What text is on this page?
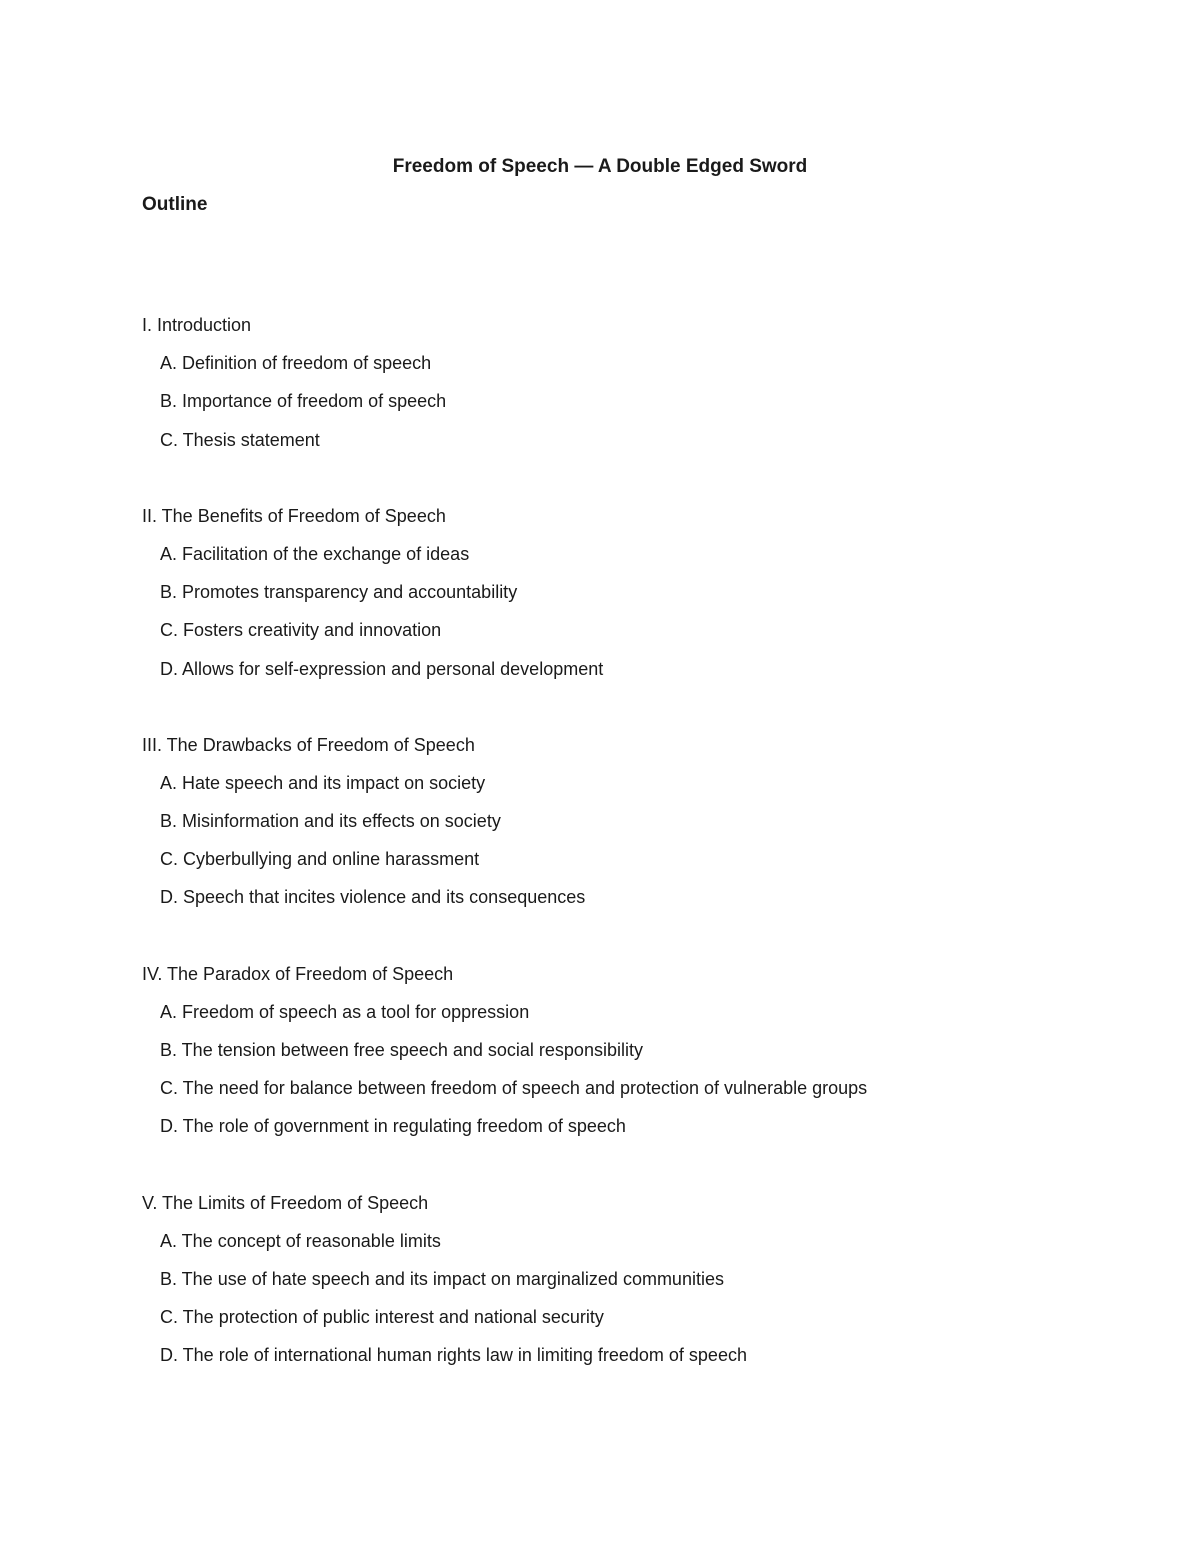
Freedom of Speech — A Double Edged Sword
Outline
I. Introduction
A. Definition of freedom of speech
B. Importance of freedom of speech
C. Thesis statement
II. The Benefits of Freedom of Speech
A. Facilitation of the exchange of ideas
B. Promotes transparency and accountability
C. Fosters creativity and innovation
D. Allows for self-expression and personal development
III. The Drawbacks of Freedom of Speech
A. Hate speech and its impact on society
B. Misinformation and its effects on society
C. Cyberbullying and online harassment
D. Speech that incites violence and its consequences
IV. The Paradox of Freedom of Speech
A. Freedom of speech as a tool for oppression
B. The tension between free speech and social responsibility
C. The need for balance between freedom of speech and protection of vulnerable groups
D. The role of government in regulating freedom of speech
V. The Limits of Freedom of Speech
A. The concept of reasonable limits
B. The use of hate speech and its impact on marginalized communities
C. The protection of public interest and national security
D. The role of international human rights law in limiting freedom of speech
